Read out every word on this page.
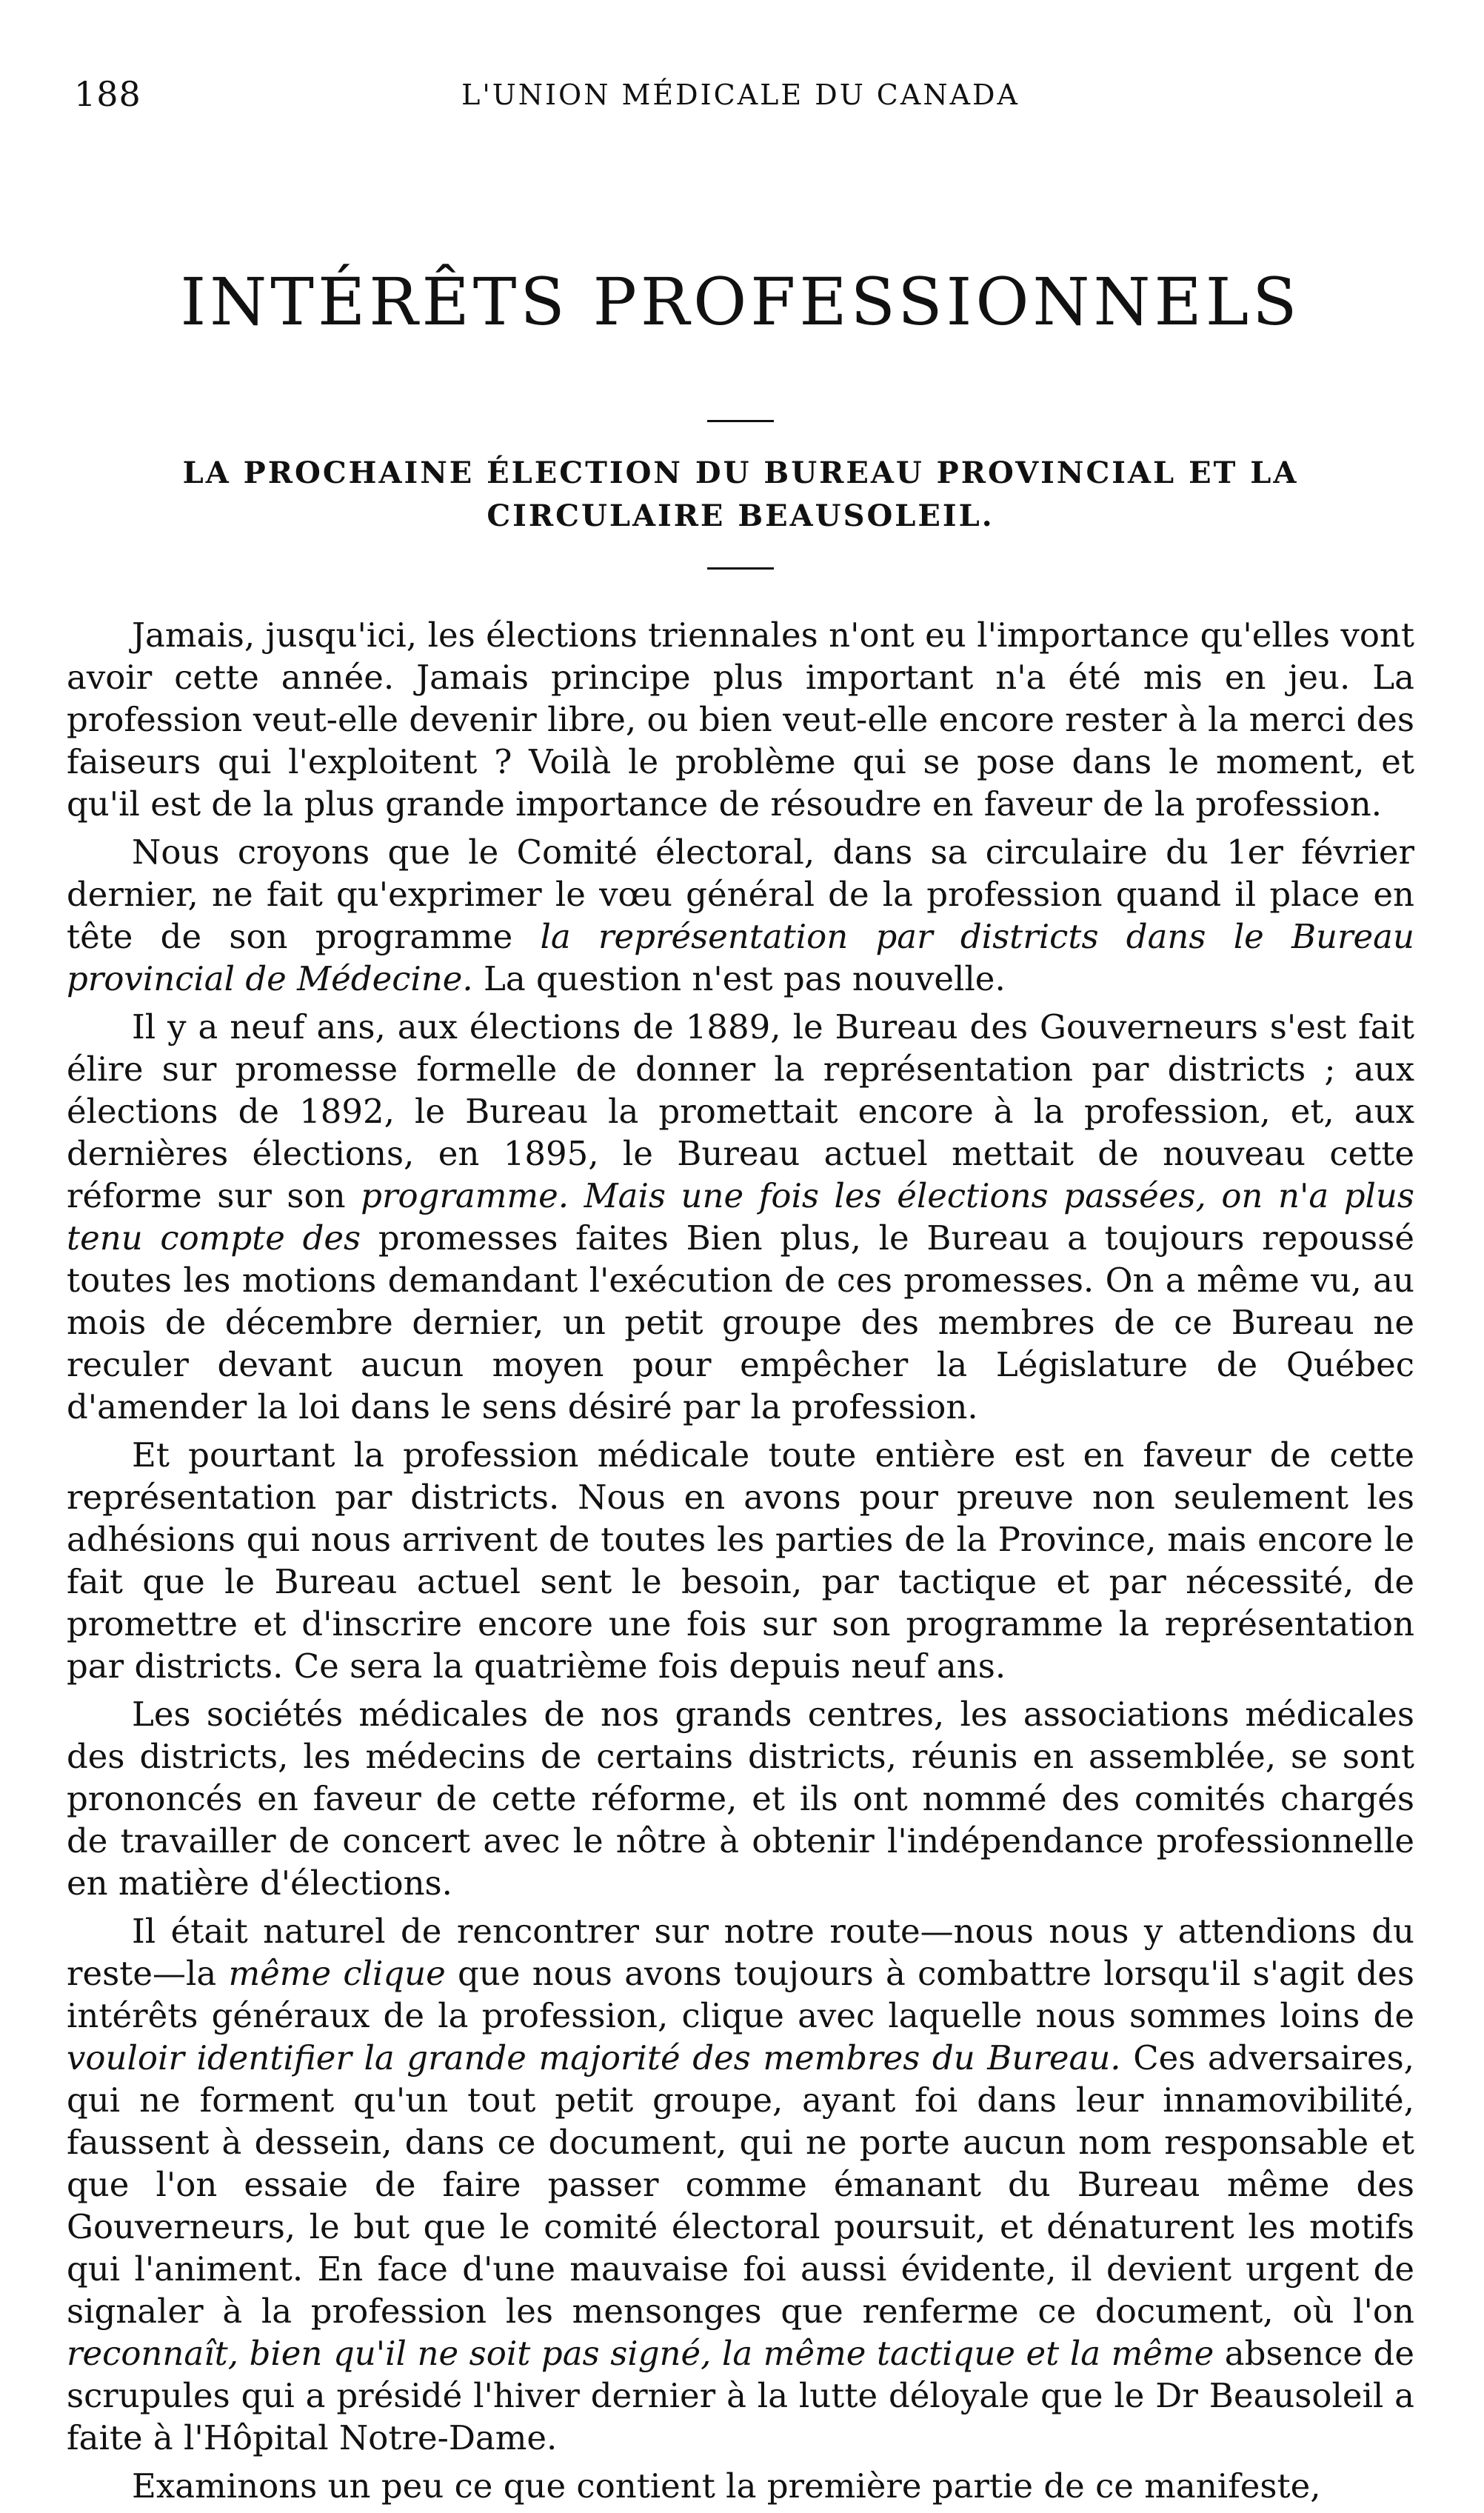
188	L'UNION MÉDICALE DU CANADA
INTÉRÊTS PROFESSIONNELS
LA PROCHAINE ÉLECTION DU BUREAU PROVINCIAL ET LA CIRCULAIRE BEAUSOLEIL.

Jamais, jusqu'ici, les élections triennales n'ont eu l'importance qu'elles vont avoir cette année. Jamais principe plus important n'a été mis en jeu. La profession veut-elle devenir libre, ou bien veut-elle encore rester à la merci des faiseurs qui l'exploitent ? Voilà le problème qui se pose dans le moment, et qu'il est de la plus grande importance de résoudre en faveur de la profession.

Nous croyons que le Comité électoral, dans sa circulaire du 1er février dernier, ne fait qu'exprimer le vœu général de la profession quand il place en tête de son programme la représentation par districts dans le Bureau provincial de Médecine. La question n'est pas nouvelle.

Il y a neuf ans, aux élections de 1889, le Bureau des Gouverneurs s'est fait élire sur promesse formelle de donner la représentation par districts ; aux élections de 1892, le Bureau la promettait encore à la profession, et, aux dernières élections, en 1895, le Bureau actuel mettait de nouveau cette réforme sur son programme. Mais une fois les élections passées, on n'a plus tenu compte des promesses faites Bien plus, le Bureau a toujours repoussé toutes les motions demandant l'exécution de ces promesses. On a même vu, au mois de décembre dernier, un petit groupe des membres de ce Bureau ne reculer devant aucun moyen pour empêcher la Législature de Québec d'amender la loi dans le sens désiré par la profession.

Et pourtant la profession médicale toute entière est en faveur de cette représentation par districts. Nous en avons pour preuve non seulement les adhésions qui nous arrivent de toutes les parties de la Province, mais encore le fait que le Bureau actuel sent le besoin, par tactique et par nécessité, de promettre et d'inscrire encore une fois sur son programme la représentation par districts. Ce sera la quatrième fois depuis neuf ans.

Les sociétés médicales de nos grands centres, les associations médicales des districts, les médecins de certains districts, réunis en assemblée, se sont prononcés en faveur de cette réforme, et ils ont nommé des comités chargés de travailler de concert avec le nôtre à obtenir l'indépendance professionnelle en matière d'élections.

Il était naturel de rencontrer sur notre route—nous nous y attendions du reste—la même clique que nous avons toujours à combattre lorsqu'il s'agit des intérêts généraux de la profession, clique avec laquelle nous sommes loins de vouloir identifier la grande majorité des membres du Bureau. Ces adversaires, qui ne forment qu'un tout petit groupe, ayant foi dans leur innamovibilité, faussent à dessein, dans ce document, qui ne porte aucun nom responsable et que l'on essaie de faire passer comme émanant du Bureau même des Gouverneurs, le but que le comité électoral poursuit, et dénaturent les motifs qui l'animent. En face d'une mauvaise foi aussi évidente, il devient urgent de signaler à la profession les mensonges que renferme ce document, où l'on reconnaît, bien qu'il ne soit pas signé, la même tactique et la même absence de scrupules qui a présidé l'hiver dernier à la lutte déloyale que le Dr Beausoleil a faite à l'Hôpital Notre-Dame.

Examinons un peu ce que contient la première partie de ce manifeste,
